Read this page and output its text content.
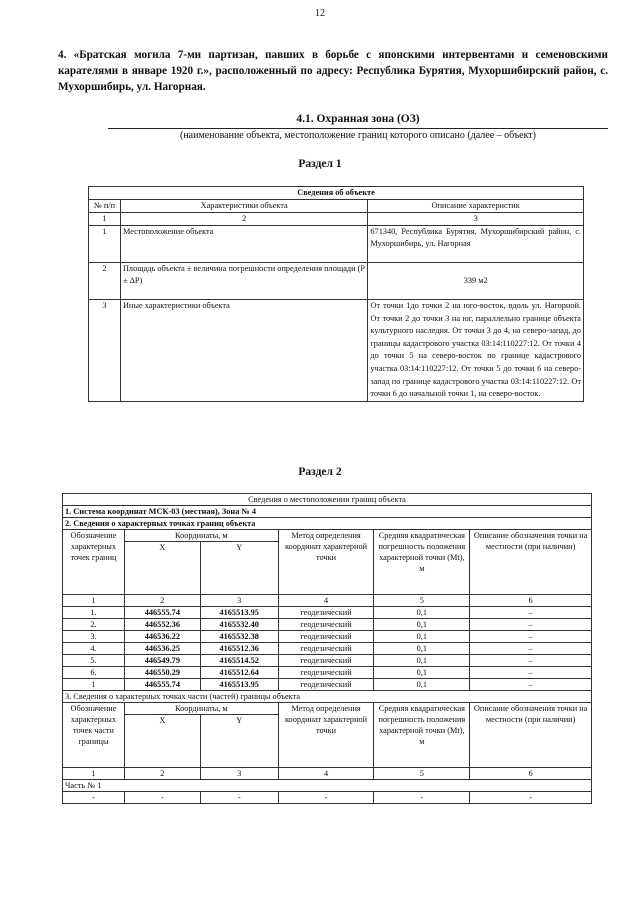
12
4. «Братская могила 7-ми партизан, павших в борьбе с японскими интервентами и семеновскими карателями в январе 1920 г.», расположенный по адресу: Республика Бурятия, Мухоршибирский район, с. Мухоршибирь, ул. Нагорная.
4.1. Охранная зона (ОЗ)
(наименование объекта, местоположение границ которого описано (далее – объект)
Раздел 1
Сведения об объекте		
№ п/п	Характеристики объекта	Описание характеристик
1	2	3
1	Местоположение объекта	671340, Республика Бурятия, Мухоршибирский район, с. Мухоршибирь, ул. Нагорная
2	Площадь объекта ± величина погрешности определения площади (P ± ΔP)	339 м2
3	Иные характеристики объекта	От точки 1до точки 2 на юго-восток, вдоль ул. Нагорной. От точки 2 до точки 3 на юг, параллельно границе объекта культурного наследия. От точки 3 до 4, на северо-запад, до границы кадастрового участка 03:14:110227:12. От точки 4 до точки 5 на северо-восток по границе кадастрового участка 03:14:110227:12. От точки 5 до точки 6 на северо-запад по границе кадастрового участка 03:14:110227:12. От точки 6 до начальной точки 1, на северо-восток.
Раздел 2
Сведения о местоположении границ объекта					
1. Система координат МСК-03 (местная), Зона № 4					
2. Сведения о характерных точках границ объекта					
Обозначение характерных точек границ	Координаты, м		Метод определения координат характерной точки	Средняя квадратическая погрешность положения характерной точки (Mt), м	Описание обозначения точки на местности (при наличии)
	X	Y			
1	2	3	4	5	6
1.	446555.74	4165513.95	геодезический	0,1	–
2.	446552.36	4165532.40	геодезический	0,1	–
3.	446536.22	4165532.38	геодезический	0,1	–
4.	446536.25	4165512.36	геодезический	0,1	–
5.	446549.79	4165514.52	геодезический	0,1	–
6.	446550.29	4165512.64	геодезический	0,1	–
1	446555.74	4165513.95	геодезический	0,1	–
3. Сведения о характерных точках части (частей) границы объекта					
Обозначение характерных точек части границы	Координаты, м		Метод определения координат характерной точки	Средняя квадратическая погрешность положения характерной точки (Mt), м	Описание обозначения точки на местности (при наличии)
	X	Y			
1	2	3	4	5	6
Часть № 1					
-	-	-	-	-	-
